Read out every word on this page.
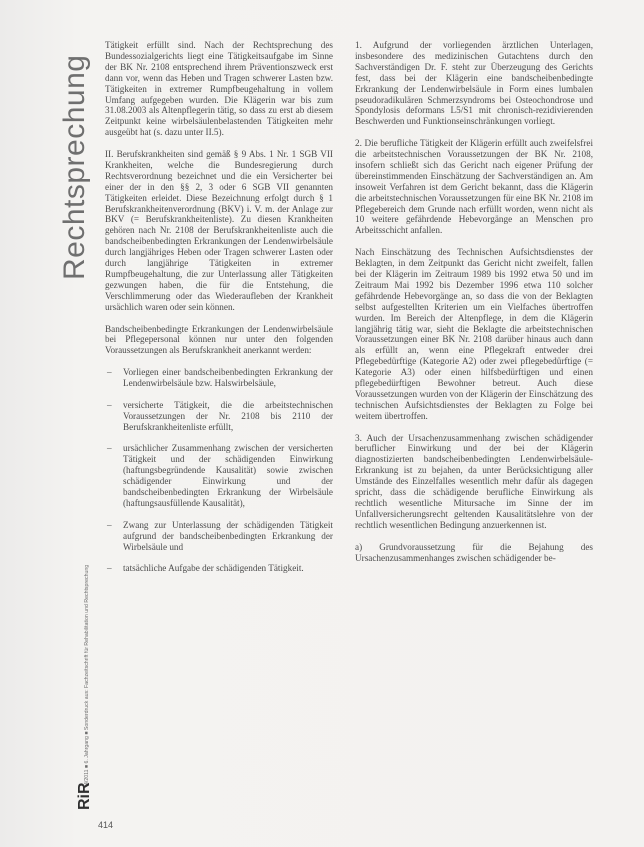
Rechtsprechung
4/2011 ■ 6. Jahrgang ■ Sonderdruck aus: Fachzeitschrift für Rehabilitation und Rechtsprechung
RiR

Tätigkeit erfüllt sind. Nach der Rechtsprechung des Bundessozialgerichts liegt eine Tätigkeitsaufgabe im Sinne der BK Nr. 2108 entsprechend ihrem Präventionszweck erst dann vor, wenn das Heben und Tragen schwerer Lasten bzw. Tätigkeiten in extremer Rumpfbeugehaltung in vollem Umfang aufgegeben wurden. Die Klägerin war bis zum 31.08.2003 als Altenpflegerin tätig, so dass zu erst ab diesem Zeitpunkt keine wirbelsäulenbelastenden Tätigkeiten mehr ausgeübt hat (s. dazu unter II.5).

II. Berufskrankheiten sind gemäß § 9 Abs. 1 Nr. 1 SGB VII Krankheiten, welche die Bundesregierung durch Rechtsverordnung bezeichnet und die ein Versicherter bei einer der in den §§ 2, 3 oder 6 SGB VII genannten Tätigkeiten erleidet. Diese Bezeichnung erfolgt durch § 1 Berufskrankheitenverordnung (BKV) i. V. m. der Anlage zur BKV (= Berufskrankheitenliste). Zu diesen Krankheiten gehören nach Nr. 2108 der Berufskrankheitenliste auch die bandscheibenbedingten Erkrankungen der Lendenwirbelsäule durch langjähriges Heben oder Tragen schwerer Lasten oder durch langjährige Tätigkeiten in extremer Rumpfbeugehaltung, die zur Unterlassung aller Tätigkeiten gezwungen haben, die für die Entstehung, die Verschlimmerung oder das Wiederaufleben der Krankheit ursächlich waren oder sein können.

Bandscheibenbedingte Erkrankungen der Lendenwirbelsäule bei Pflegepersonal können nur unter den folgenden Voraussetzungen als Berufskrankheit anerkannt werden:

– Vorliegen einer bandscheibenbedingten Erkrankung der Lendenwirbelsäule bzw. Halswirbelsäule,
– versicherte Tätigkeit, die die arbeitstechnischen Voraussetzungen der Nr. 2108 bis 2110 der Berufskrankheitenliste erfüllt,
– ursächlicher Zusammenhang zwischen der versicherten Tätigkeit und der schädigenden Einwirkung (haftungsbegründende Kausalität) sowie zwischen schädigender Einwirkung und der bandscheibenbedingten Erkrankung der Wirbelsäule (haftungsausfüllende Kausalität),
– Zwang zur Unterlassung der schädigenden Tätigkeit aufgrund der bandscheibenbedingten Erkrankung der Wirbelsäule und
– tatsächliche Aufgabe der schädigenden Tätigkeit.

1. Aufgrund der vorliegenden ärztlichen Unterlagen, insbesondere des medizinischen Gutachtens durch den Sachverständigen Dr. F. steht zur Überzeugung des Gerichts fest, dass bei der Klägerin eine bandscheibenbedingte Erkrankung der Lendenwirbelsäule in Form eines lumbalen pseudoradikulären Schmerzsyndroms bei Osteochondrose und Spondylosis deformans L5/S1 mit chronisch-rezidivierenden Beschwerden und Funktionseinschränkungen vorliegt.

2. Die berufliche Tätigkeit der Klägerin erfüllt auch zweifelsfrei die arbeitstechnischen Voraussetzungen der BK Nr. 2108, insofern schließt sich das Gericht nach eigener Prüfung der übereinstimmenden Einschätzung der Sachverständigen an. Am insoweit Verfahren ist dem Gericht bekannt, dass die Klägerin die arbeitstechnischen Voraussetzungen für eine BK Nr. 2108 im Pflegebereich dem Grunde nach erfüllt worden, wenn nicht als 10 weitere gefährdende Hebevorgänge an Menschen pro Arbeitsschicht anfallen.

Nach Einschätzung des Technischen Aufsichtsdienstes der Beklagten, in dem Zeitpunkt das Gericht nicht zweifelt, fallen bei der Klägerin im Zeitraum 1989 bis 1992 etwa 50 und im Zeitraum Mai 1992 bis Dezember 1996 etwa 110 solcher gefährdende Hebevorgänge an, so dass die von der Beklagten selbst aufgestellten Kriterien um ein Vielfaches übertroffen wurden. Im Bereich der Altenpflege, in dem die Klägerin langjährig tätig war, sieht die Beklagte die arbeitstechnischen Voraussetzungen einer BK Nr. 2108 darüber hinaus auch dann als erfüllt an, wenn eine Pflegekraft entweder drei Pflegebedürftige (Kategorie A2) oder zwei pflegebedürftige (= Kategorie A3) oder einen hilfsbedürftigen und einen pflegebedürftigen Bewohner betreut. Auch diese Voraussetzungen wurden von der Klägerin der Einschätzung des technischen Aufsichtsdienstes der Beklagten zu Folge bei weitem übertroffen.

3. Auch der Ursachenzusammenhang zwischen schädigender beruflicher Einwirkung und der bei der Klägerin diagnostizierten bandscheibenbedingten Lendenwirbelsäule-Erkrankung ist zu bejahen, da unter Berücksichtigung aller Umstände des Einzelfalles wesentlich mehr dafür als dagegen spricht, dass die schädigende berufliche Einwirkung als rechtlich wesentliche Mitursache im Sinne der im Unfallversicherungsrecht geltenden Kausalitätslehre von der rechtlich wesentlichen Bedingung anzuerkennen ist.

a) Grundvoraussetzung für die Bejahung des Ursachenzusammenhanges zwischen schädigender be-

414
